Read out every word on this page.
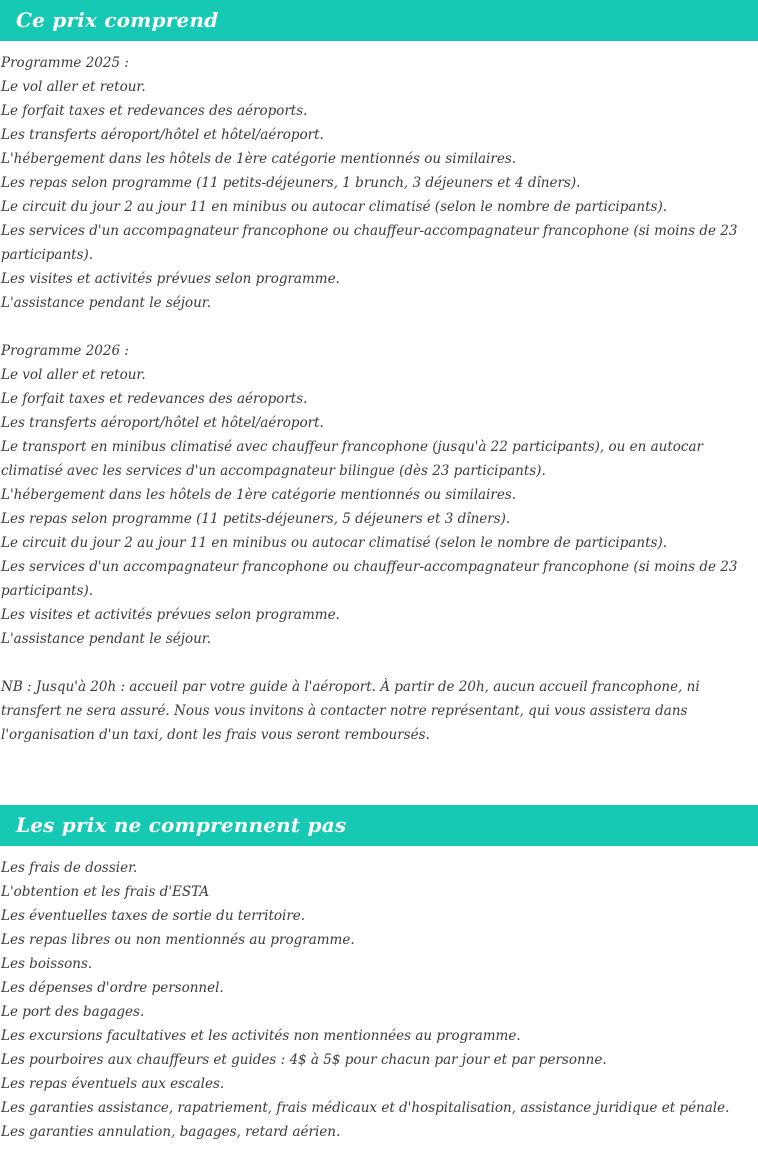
Ce prix comprend
Programme 2025 :
Le vol aller et retour.
Le forfait taxes et redevances des aéroports.
Les transferts aéroport/hôtel et hôtel/aéroport.
L'hébergement dans les hôtels de 1ère catégorie mentionnés ou similaires.
Les repas selon programme (11 petits-déjeuners, 1 brunch, 3 déjeuners et 4 dîners).
Le circuit du jour 2 au jour 11 en minibus ou autocar climatisé (selon le nombre de participants).
Les services d'un accompagnateur francophone ou chauffeur-accompagnateur francophone (si moins de 23 participants).
Les visites et activités prévues selon programme.
L'assistance pendant le séjour.
Programme 2026 :
Le vol aller et retour.
Le forfait taxes et redevances des aéroports.
Les transferts aéroport/hôtel et hôtel/aéroport.
Le transport en minibus climatisé avec chauffeur francophone (jusqu'à 22 participants), ou en autocar climatisé avec les services d'un accompagnateur bilingue (dès 23 participants).
L'hébergement dans les hôtels de 1ère catégorie mentionnés ou similaires.
Les repas selon programme (11 petits-déjeuners, 5 déjeuners et 3 dîners).
Le circuit du jour 2 au jour 11 en minibus ou autocar climatisé (selon le nombre de participants).
Les services d'un accompagnateur francophone ou chauffeur-accompagnateur francophone (si moins de 23 participants).
Les visites et activités prévues selon programme.
L'assistance pendant le séjour.
NB : Jusqu'à 20h : accueil par votre guide à l'aéroport. À partir de 20h, aucun accueil francophone, ni transfert ne sera assuré. Nous vous invitons à contacter notre représentant, qui vous assistera dans l'organisation d'un taxi, dont les frais vous seront remboursés.
Les prix ne comprennent pas
Les frais de dossier.
L'obtention et les frais d'ESTA
Les éventuelles taxes de sortie du territoire.
Les repas libres ou non mentionnés au programme.
Les boissons.
Les dépenses d'ordre personnel.
Le port des bagages.
Les excursions facultatives et les activités non mentionnées au programme.
Les pourboires aux chauffeurs et guides : 4$ à 5$ pour chacun par jour et par personne.
Les repas éventuels aux escales.
Les garanties assistance, rapatriement, frais médicaux et d'hospitalisation, assistance juridique et pénale.
Les garanties annulation, bagages, retard aérien.
